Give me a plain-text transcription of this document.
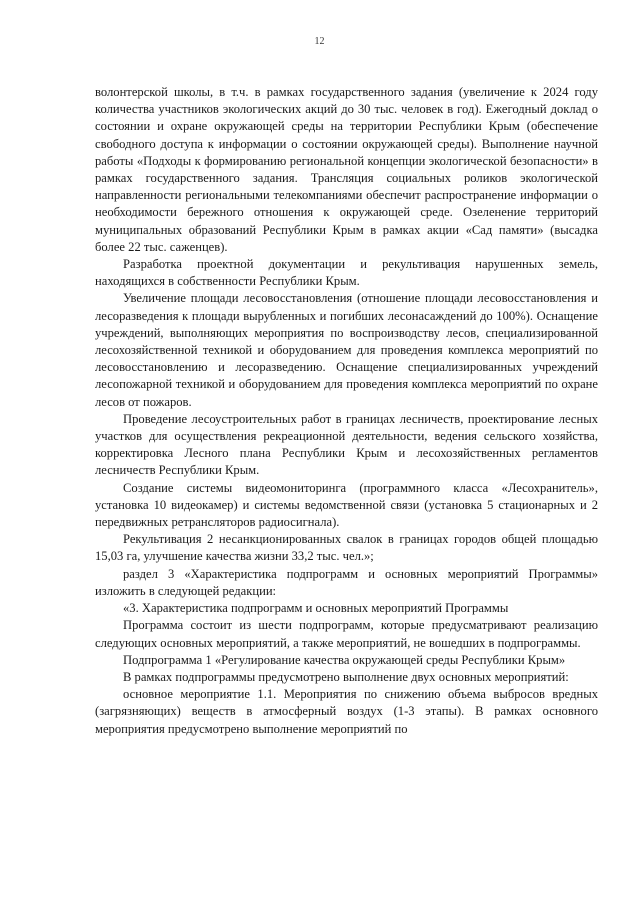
12

волонтерской школы, в т.ч. в рамках государственного задания (увеличение к 2024 году количества участников экологических акций до 30 тыс. человек в год). Ежегодный доклад о состоянии и охране окружающей среды на территории Республики Крым (обеспечение свободного доступа к информации о состоянии окружающей среды). Выполнение научной работы «Подходы к формированию региональной концепции экологической безопасности» в рамках государственного задания. Трансляция социальных роликов экологической направленности региональными телекомпаниями обеспечит распространение информации о необходимости бережного отношения к окружающей среде. Озеленение территорий муниципальных образований Республики Крым в рамках акции «Сад памяти» (высадка более 22 тыс. саженцев).

Разработка проектной документации и рекультивация нарушенных земель, находящихся в собственности Республики Крым.

Увеличение площади лесовосстановления (отношение площади лесовосстановления и лесоразведения к площади вырубленных и погибших лесонасаждений до 100%). Оснащение учреждений, выполняющих мероприятия по воспроизводству лесов, специализированной лесохозяйственной техникой и оборудованием для проведения комплекса мероприятий по лесовосстановлению и лесоразведению. Оснащение специализированных учреждений лесопожарной техникой и оборудованием для проведения комплекса мероприятий по охране лесов от пожаров.

Проведение лесоустроительных работ в границах лесничеств, проектирование лесных участков для осуществления рекреационной деятельности, ведения сельского хозяйства, корректировка Лесного плана Республики Крым и лесохозяйственных регламентов лесничеств Республики Крым.

Создание системы видеомониторинга (программного класса «Лесохранитель», установка 10 видеокамер) и системы ведомственной связи (установка 5 стационарных и 2 передвижных ретрансляторов радиосигнала).

Рекультивация 2 несанкционированных свалок в границах городов общей площадью 15,03 га, улучшение качества жизни 33,2 тыс. чел.»;

раздел 3 «Характеристика подпрограмм и основных мероприятий Программы» изложить в следующей редакции:

«3. Характеристика подпрограмм и основных мероприятий Программы

Программа состоит из шести подпрограмм, которые предусматривают реализацию следующих основных мероприятий, а также мероприятий, не вошедших в подпрограммы.

Подпрограмма 1 «Регулирование качества окружающей среды Республики Крым»

В рамках подпрограммы предусмотрено выполнение двух основных мероприятий:

основное мероприятие 1.1. Мероприятия по снижению объема выбросов вредных (загрязняющих) веществ в атмосферный воздух (1-3 этапы). В рамках основного мероприятия предусмотрено выполнение мероприятий по
